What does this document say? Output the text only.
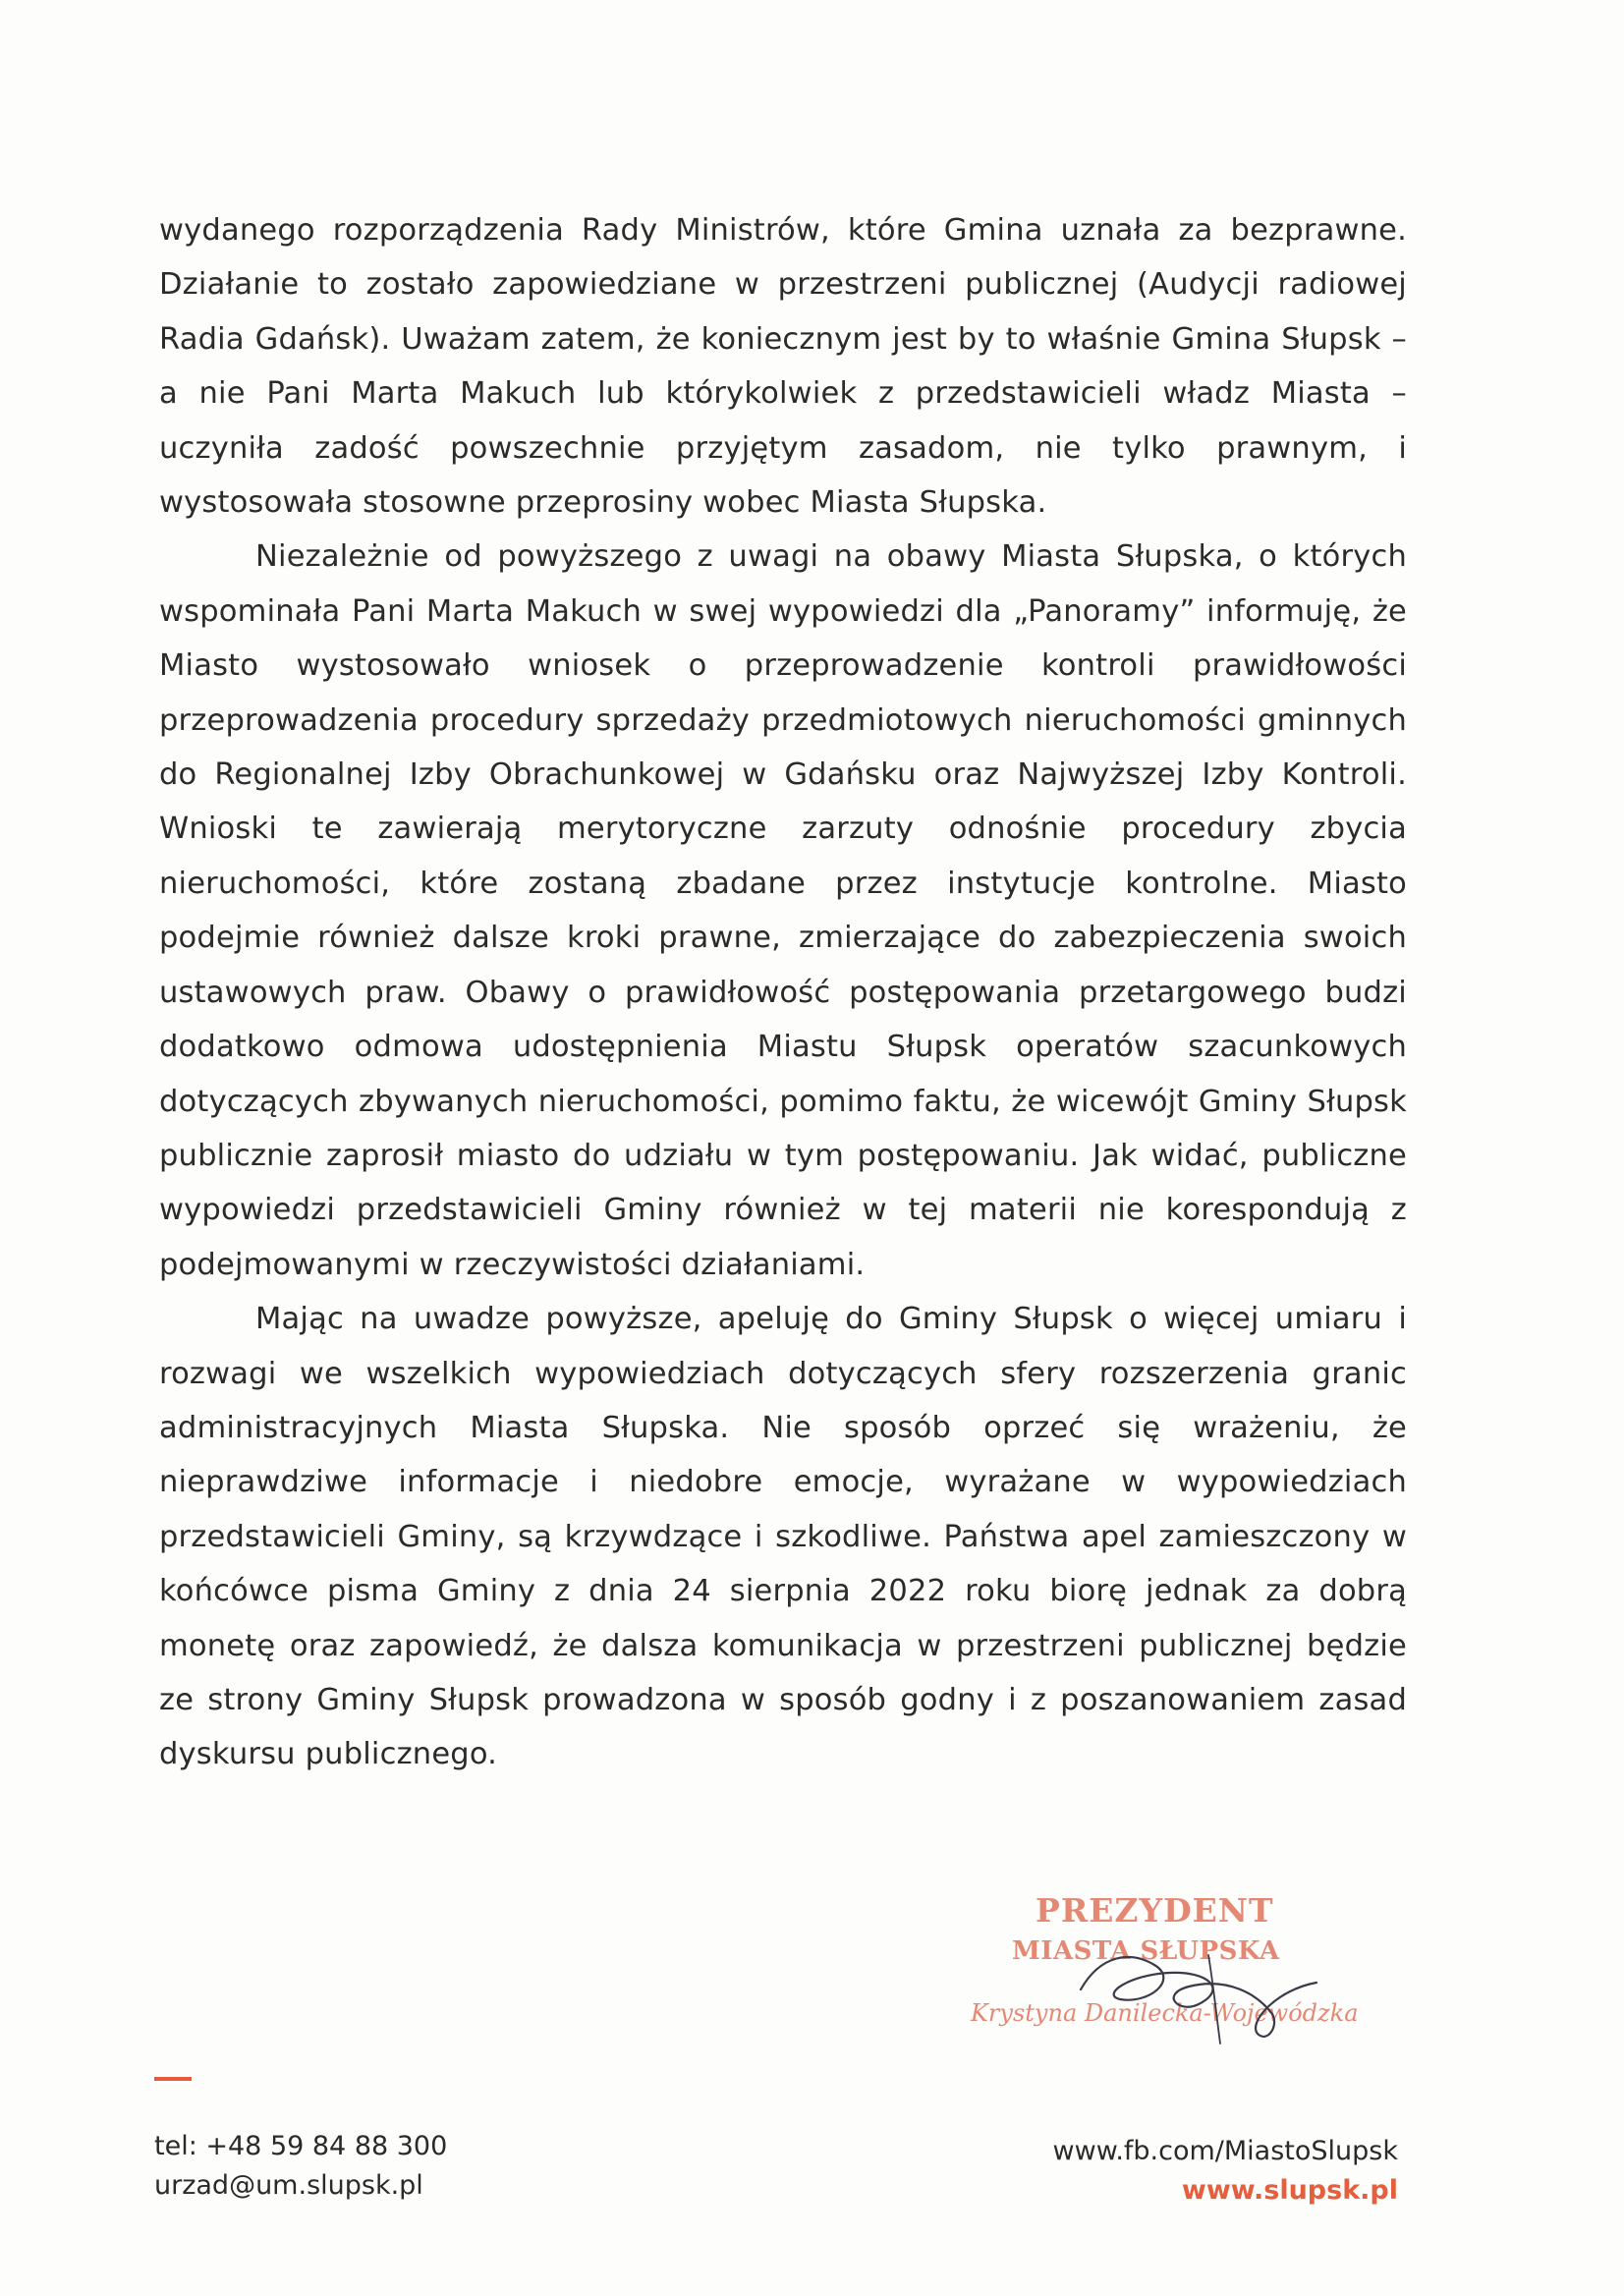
wydanego rozporządzenia Rady Ministrów, które Gmina uznała za bezprawne. Działanie to zostało zapowiedziane w przestrzeni publicznej (Audycji radiowej Radia Gdańsk). Uważam zatem, że koniecznym jest by to właśnie Gmina Słupsk – a nie Pani Marta Makuch lub którykolwiek z przedstawicieli władz Miasta – uczyniła zadość powszechnie przyjętym zasadom, nie tylko prawnym, i wystosowała stosowne przeprosiny wobec Miasta Słupska.

Niezależnie od powyższego z uwagi na obawy Miasta Słupska, o których wspominała Pani Marta Makuch w swej wypowiedzi dla „Panoramy” informuję, że Miasto wystosowało wniosek o przeprowadzenie kontroli prawidłowości przeprowadzenia procedury sprzedaży przedmiotowych nieruchomości gminnych do Regionalnej Izby Obrachunkowej w Gdańsku oraz Najwyższej Izby Kontroli. Wnioski te zawierają merytoryczne zarzuty odnośnie procedury zbycia nieruchomości, które zostaną zbadane przez instytucje kontrolne. Miasto podejmie również dalsze kroki prawne, zmierzające do zabezpieczenia swoich ustawowych praw. Obawy o prawidłowość postępowania przetargowego budzi dodatkowo odmowa udostępnienia Miastu Słupsk operatów szacunkowych dotyczących zbywanych nieruchomości, pomimo faktu, że wicewójt Gminy Słupsk publicznie zaprosił miasto do udziału w tym postępowaniu. Jak widać, publiczne wypowiedzi przedstawicieli Gminy również w tej materii nie korespondują z podejmowanymi w rzeczywistości działaniami.

Mając na uwadze powyższe, apeluję do Gminy Słupsk o więcej umiaru i rozwagi we wszelkich wypowiedziach dotyczących sfery rozszerzenia granic administracyjnych Miasta Słupska. Nie sposób oprzeć się wrażeniu, że nieprawdziwe informacje i niedobre emocje, wyrażane w wypowiedziach przedstawicieli Gminy, są krzywdzące i szkodliwe. Państwa apel zamieszczony w końcówce pisma Gminy z dnia 24 sierpnia 2022 roku biorę jednak za dobrą monetę oraz zapowiedź, że dalsza komunikacja w przestrzeni publicznej będzie ze strony Gminy Słupsk prowadzona w sposób godny i z poszanowaniem zasad dyskursu publicznego.

PREZYDENT
MIASTA SŁUPSKA
Krystyna Danilecka-Wojewódzka
tel: +48 59 84 88 300
urzad@um.slupsk.pl
www.fb.com/MiastoSlupsk
www.slupsk.pl
